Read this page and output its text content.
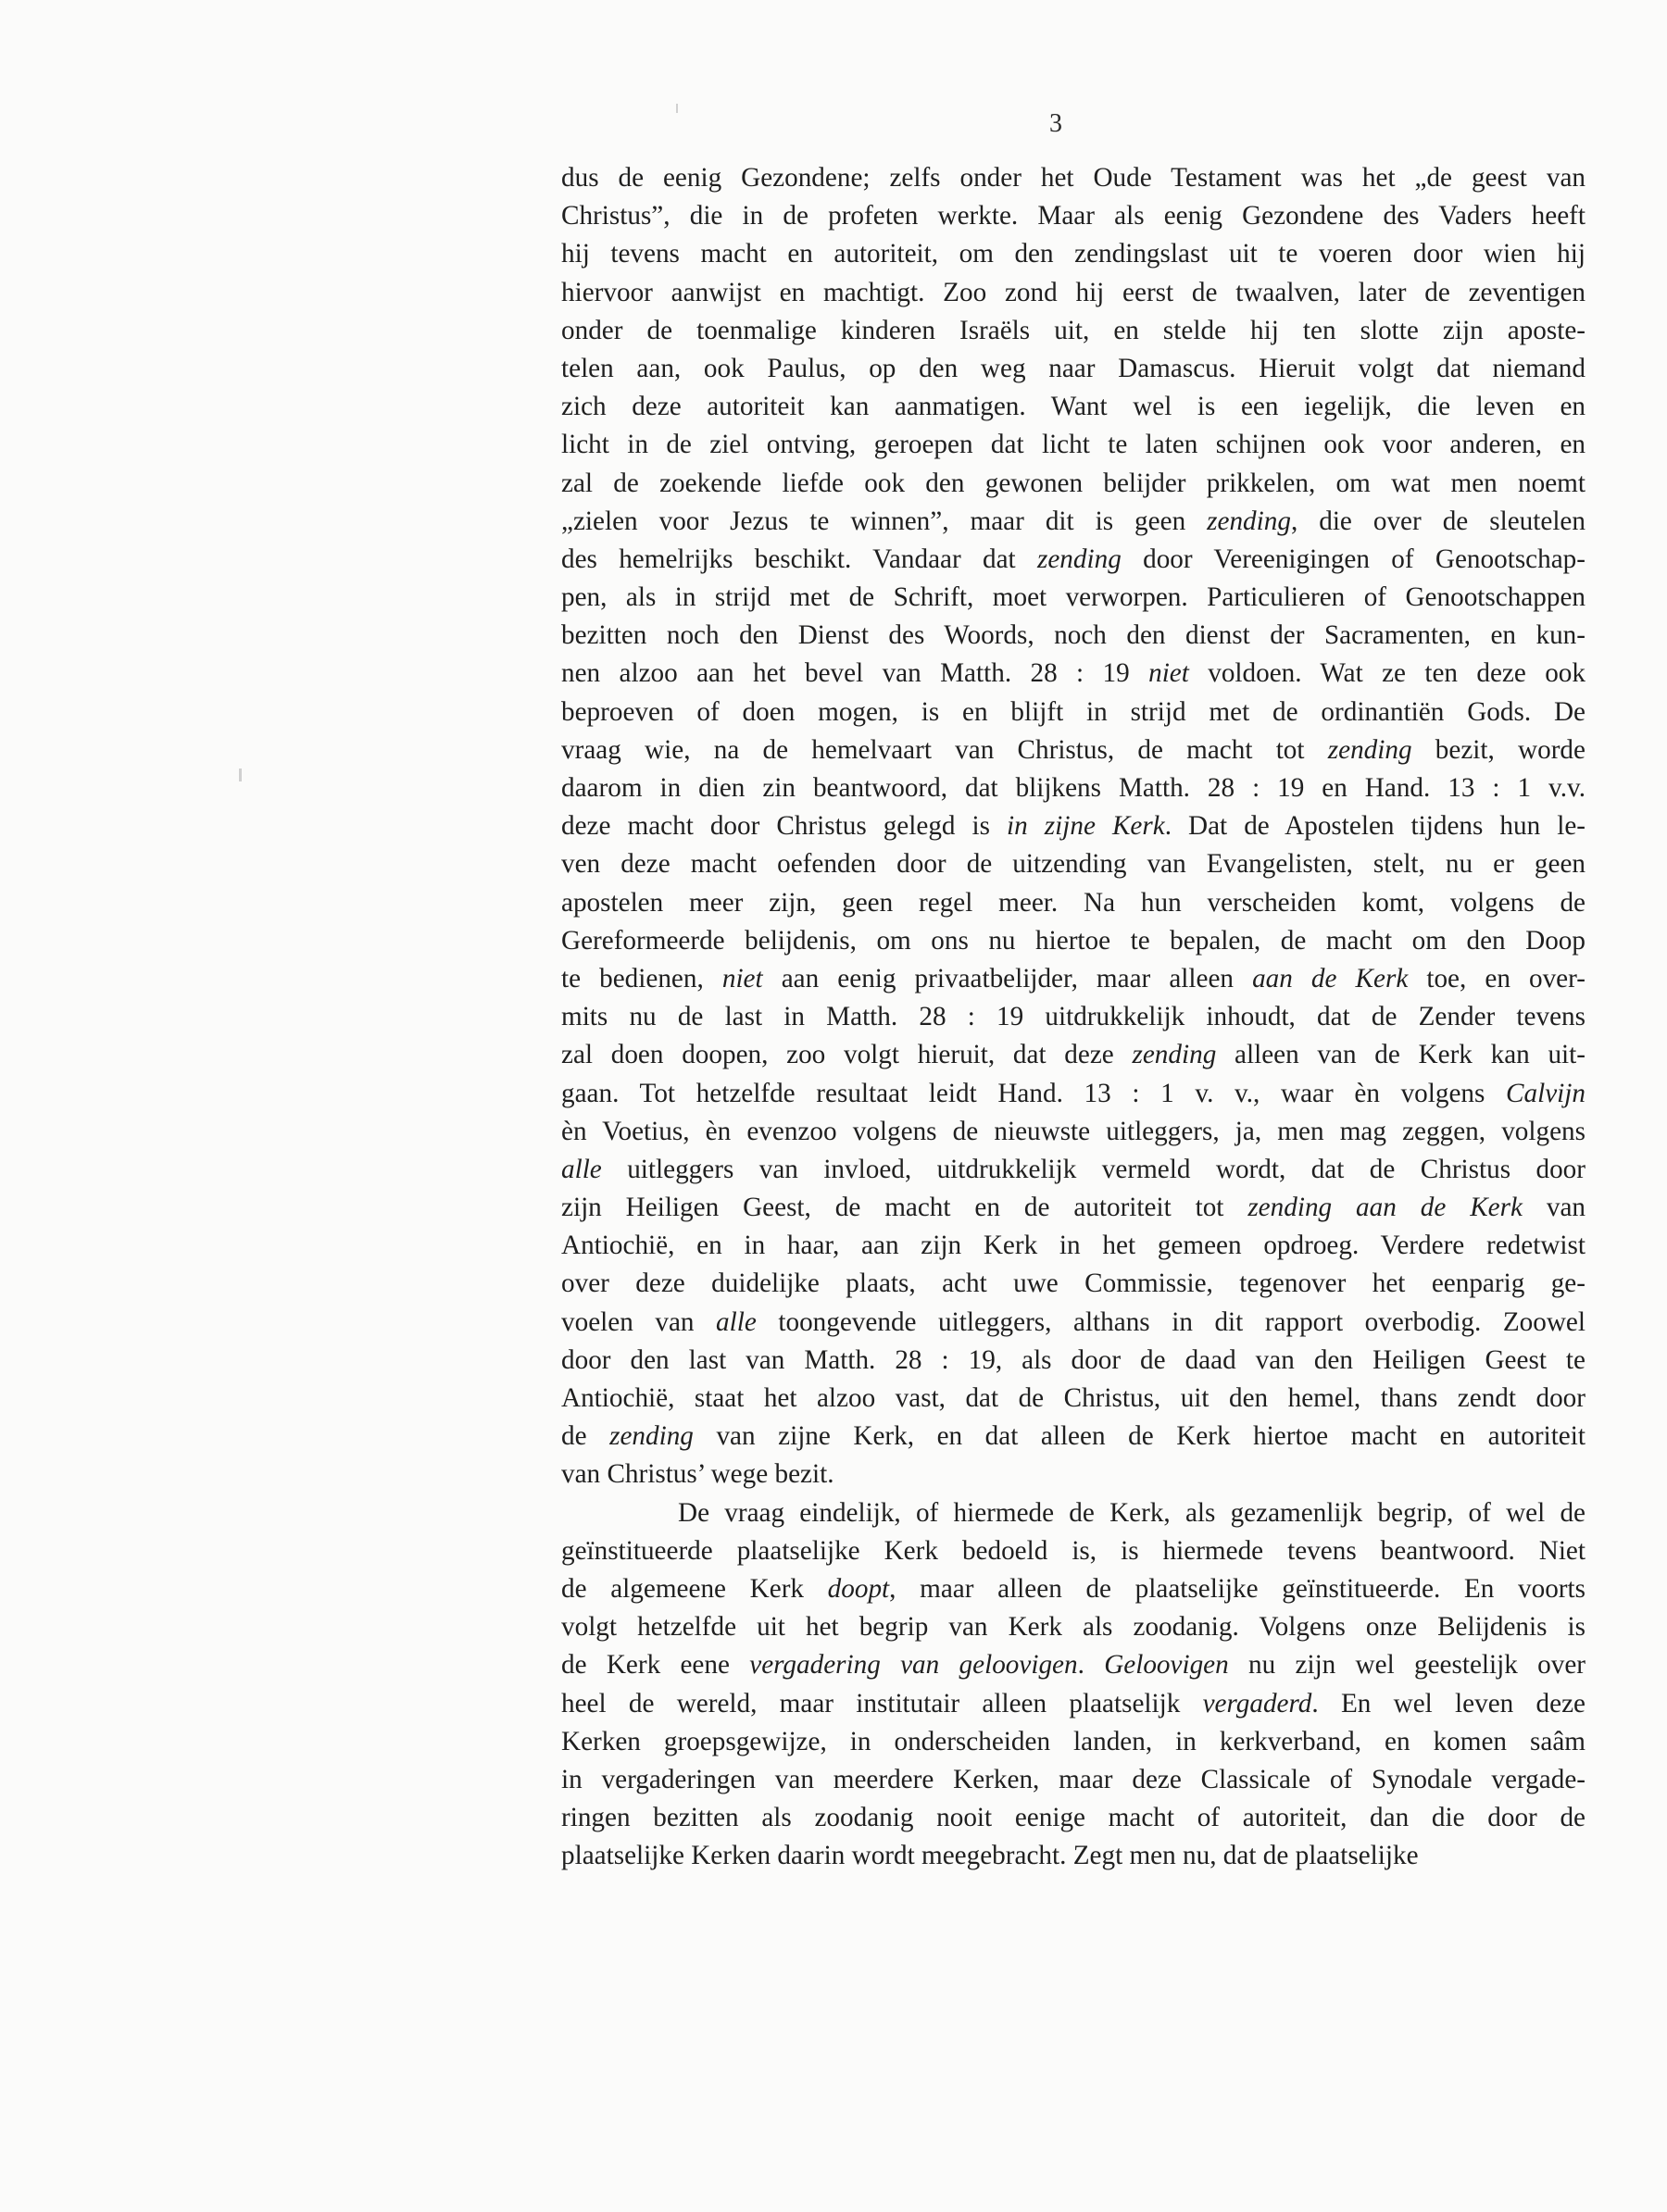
3
dus de eenig Gezondene; zelfs onder het Oude Testament was het „de geest van
Christus”, die in de profeten werkte. Maar als eenig Gezondene des Vaders heeft
hij tevens macht en autoriteit, om den zendingslast uit te voeren door wien hij
hiervoor aanwijst en machtigt. Zoo zond hij eerst de twaalven, later de zeventigen
onder de toenmalige kinderen Israëls uit, en stelde hij ten slotte zijn aposte-
telen aan, ook Paulus, op den weg naar Damascus. Hieruit volgt dat niemand
zich deze autoriteit kan aanmatigen. Want wel is een iegelijk, die leven en
licht in de ziel ontving, geroepen dat licht te laten schijnen ook voor anderen, en
zal de zoekende liefde ook den gewonen belijder prikkelen, om wat men noemt
„zielen voor Jezus te winnen”, maar dit is geen zending, die over de sleutelen
des hemelrijks beschikt. Vandaar dat zending door Vereenigingen of Genootschap-
pen, als in strijd met de Schrift, moet verworpen. Particulieren of Genootschappen
bezitten noch den Dienst des Woords, noch den dienst der Sacramenten, en kun-
nen alzoo aan het bevel van Matth. 28 : 19 niet voldoen. Wat ze ten deze ook
beproeven of doen mogen, is en blijft in strijd met de ordinantiën Gods. De
vraag wie, na de hemelvaart van Christus, de macht tot zending bezit, worde
daarom in dien zin beantwoord, dat blijkens Matth. 28 : 19 en Hand. 13 : 1 v.v.
deze macht door Christus gelegd is in zijne Kerk. Dat de Apostelen tijdens hun le-
ven deze macht oefenden door de uitzending van Evangelisten, stelt, nu er geen
apostelen meer zijn, geen regel meer. Na hun verscheiden komt, volgens de
Gereformeerde belijdenis, om ons nu hiertoe te bepalen, de macht om den Doop
te bedienen, niet aan eenig privaatbelijder, maar alleen aan de Kerk toe, en over-
mits nu de last in Matth. 28 : 19 uitdrukkelijk inhoudt, dat de Zender tevens
zal doen doopen, zoo volgt hieruit, dat deze zending alleen van de Kerk kan uit-
gaan. Tot hetzelfde resultaat leidt Hand. 13 : 1 v. v., waar èn volgens Calvijn
èn Voetius, èn evenzoo volgens de nieuwste uitleggers, ja, men mag zeggen, volgens
alle uitleggers van invloed, uitdrukkelijk vermeld wordt, dat de Christus door
zijn Heiligen Geest, de macht en de autoriteit tot zending aan de Kerk van
Antiochië, en in haar, aan zijn Kerk in het gemeen opdroeg. Verdere redetwist
over deze duidelijke plaats, acht uwe Commissie, tegenover het eenparig ge-
voelen van alle toongevende uitleggers, althans in dit rapport overbodig. Zoowel
door den last van Matth. 28 : 19, als door de daad van den Heiligen Geest te
Antiochië, staat het alzoo vast, dat de Christus, uit den hemel, thans zendt door
de zending van zijne Kerk, en dat alleen de Kerk hiertoe macht en autoriteit
van Christus’ wege bezit.
De vraag eindelijk, of hiermede de Kerk, als gezamenlijk begrip, of wel de
geïnstitueerde plaatselijke Kerk bedoeld is, is hiermede tevens beantwoord. Niet
de algemeene Kerk doopt, maar alleen de plaatselijke geïnstitueerde. En voorts
volgt hetzelfde uit het begrip van Kerk als zoodanig. Volgens onze Belijdenis is
de Kerk eene vergadering van geloovigen. Geloovigen nu zijn wel geestelijk over
heel de wereld, maar institutair alleen plaatselijk vergaderd. En wel leven deze
Kerken groepsgewijze, in onderscheiden landen, in kerkverband, en komen saâm
in vergaderingen van meerdere Kerken, maar deze Classicale of Synodale vergade-
ringen bezitten als zoodanig nooit eenige macht of autoriteit, dan die door de
plaatselijke Kerken daarin wordt meegebracht. Zegt men nu, dat de plaatselijke
